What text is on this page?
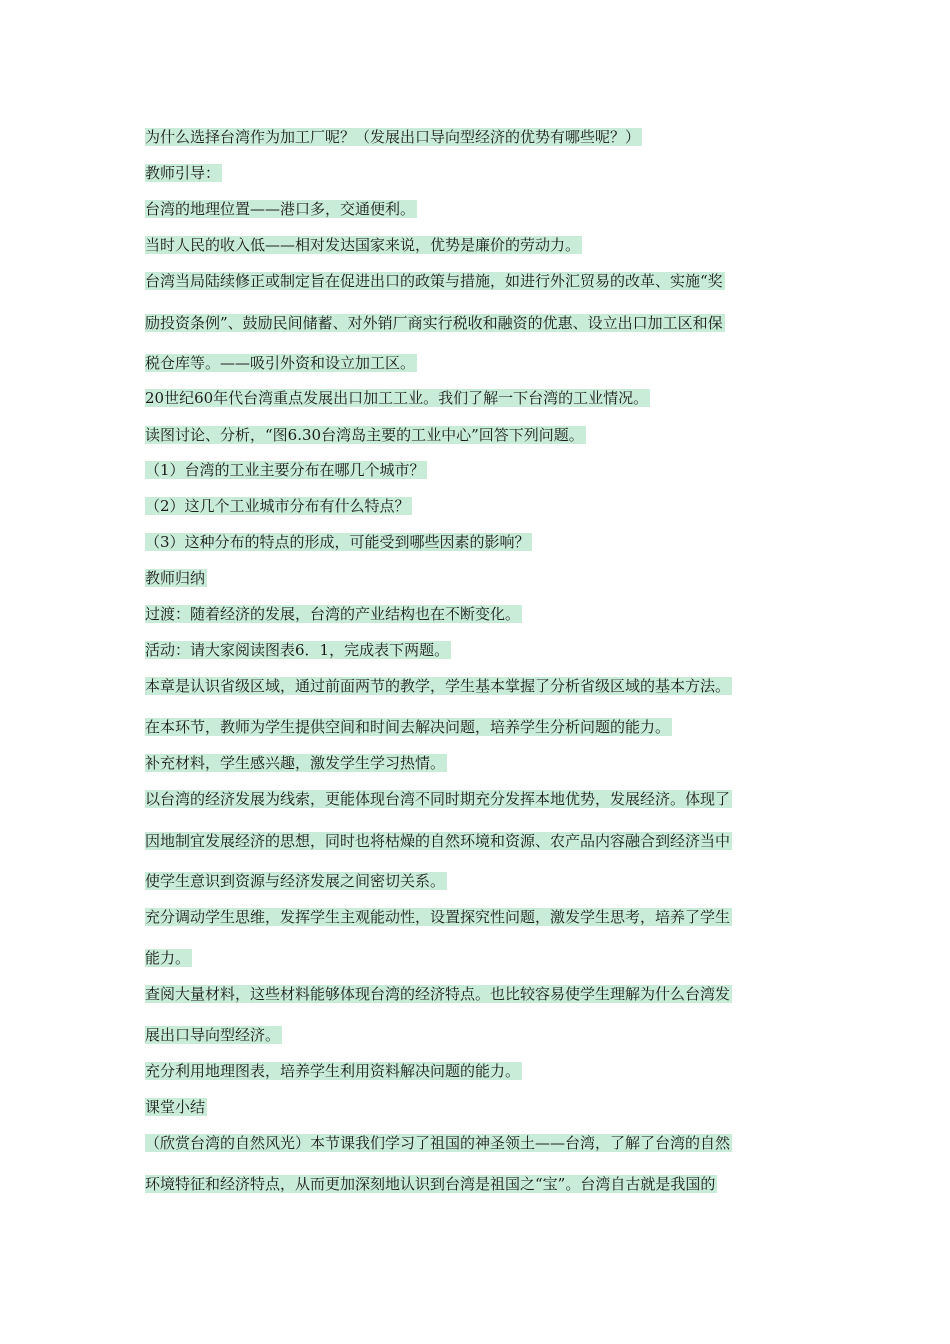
为什么选择台湾作为加工厂呢？（发展出口导向型经济的优势有哪些呢？）
教师引导：
台湾的地理位置——港口多，交通便利。
当时人民的收入低——相对发达国家来说，优势是廉价的劳动力。
台湾当局陆续修正或制定旨在促进出口的政策与措施，如进行外汇贸易的改革、实施“奖
励投资条例”、鼓励民间储蓄、对外销厂商实行税收和融资的优惠、设立出口加工区和保
税仓库等。——吸引外资和设立加工区。
20世纪60年代台湾重点发展出口加工工业。我们了解一下台湾的工业情况。
读图讨论、分析，“图6.30台湾岛主要的工业中心”回答下列问题。
（1）台湾的工业主要分布在哪几个城市？
（2）这几个工业城市分布有什么特点？
（3）这种分布的特点的形成，可能受到哪些因素的影响？
教师归纳
过渡：随着经济的发展，台湾的产业结构也在不断变化。
活动：请大家阅读图表6．1，完成表下两题。
本章是认识省级区域，通过前面两节的教学，学生基本掌握了分析省级区域的基本方法。
在本环节，教师为学生提供空间和时间去解决问题，培养学生分析问题的能力。
补充材料，学生感兴趣，激发学生学习热情。
以台湾的经济发展为线索，更能体现台湾不同时期充分发挥本地优势，发展经济。体现了
因地制宜发展经济的思想，同时也将枯燥的自然环境和资源、农产品内容融合到经济当中
使学生意识到资源与经济发展之间密切关系。
充分调动学生思维，发挥学生主观能动性，设置探究性问题，激发学生思考，培养了学生
能力。
查阅大量材料，这些材料能够体现台湾的经济特点。也比较容易使学生理解为什么台湾发
展出口导向型经济。
充分利用地理图表，培养学生利用资料解决问题的能力。
课堂小结
（欣赏台湾的自然风光）本节课我们学习了祖国的神圣领土——台湾，了解了台湾的自然
环境特征和经济特点，从而更加深刻地认识到台湾是祖国之“宝”。台湾自古就是我国的
